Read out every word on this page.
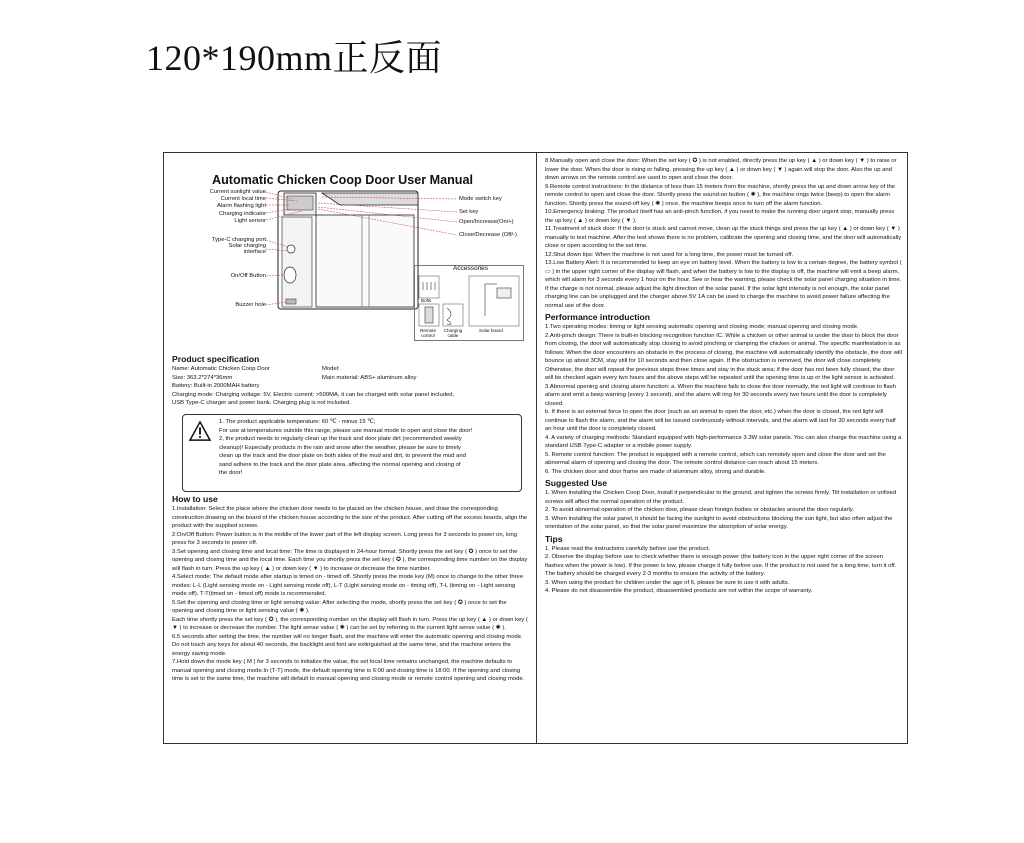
120*190mm正反面
Automatic Chicken Coop Door User Manual
Current sunlight value
Current local time
Alarm flashing light
Charging indicator
Light sensor
Type-C charging port
Solar charging
interface
On/Off Button
Buzzer hole
Mode switch key
Set key
Open/Increase(On/+)
Close/Decrease (Off/-)
Accessories
Bolts
Remote control
Charging cable
Solar board
Product specification
Name: Automatic Chicken Coop Door	Model:
Size: 363.2*274*36mm	Main material: ABS+ aluminum alloy

Battery: Built-in 2000MAH battery

Charging mode: Charging voltage: 5V, Electric current: >500MA, it can be charged with solar panel included,

USB Type-C charger and power bank. Charging plug is not included.

1. The product applicable temperature: 60 ℃ - minus 15 ℃;

For use at temperatures outside this range, please use manual mode to open and close the door!

2, the product needs to regularly clean up the track and door plate dirt (recommended weekly

cleanup)! Especially products in the rain and snow after the weather, please be sure to timely

clean up the track and the door plate on both sides of the mud and dirt, to prevent the mud and

sand adhere to the track and the door plate area, affecting the normal opening and closing of

the door!

How to use

1.Installation: Select the place where the chicken door needs to be placed on the chicken house, and draw the corresponding construction drawing on the board of the chicken house according to the size of the product. After cutting off the excess boards, align the product with the supplied screws.

2.On/Off Button: Power button is in the middle of the lower part of the left display screen. Long press for 3 seconds to power on, long press for 3 seconds to power off.

3.Set opening and closing time and local time: The time is displayed in 24-hour format. Shortly press the set key ( ✪ ) once to set the opening and closing time and the local time. Each time you shortly press the set key ( ✪ ), the corresponding time number on the display will flash in turn. Press the up key ( ▲ ) or down key ( ▼ ) to increase or decrease the time number.

4.Select mode: The default mode after startup is timed on - timed off. Shortly press the mode key (M) once to change to the other three modes: L-L (Light sensing mode on - Light sensing mode off), L-T (Light sensing mode on - timing off), T-L (timing on - Light sensing mode off). T-T(timed on - timed off) mode is recommended.

5.Set the opening and closing time or light sensing value: After selecting the mode, shortly press the set key ( ✪ ) once to set the opening and closing time or light sensing value ( ✺ ).

Each time shortly press the set key ( ✪ ), the corresponding number on the display will flash in turn. Press the up key ( ▲ ) or down key ( ▼ ) to increase or decrease the number. The light sense value ( ✺ ) can be set by referring to the current light sense value ( ✺ ).

6.5 seconds after setting the time, the number will no longer flash, and the machine will enter the automatic opening and closing mode. Do not touch any keys for about 40 seconds, the backlight and font are extinguished at the same time, and the machine enters the energy saving mode.

7.Hold down the mode key ( M ) for 3 seconds to initialize the value, the set local time remains unchanged, the machine defaults to manual opening and closing mode.In (T-T) mode, the default opening time is 6:00 and dosing time is 18:00. If the opening and closing time is set to the same time, the machine will default to manual opening and closing mode or remote control opening and closing mode.

8.Manually open and close the door: When the set key ( ✪ ) is not enabled, directly press the up key ( ▲ ) or down key ( ▼ ) to raise or lower the door. When the door is rising or falling, pressing the up key ( ▲ ) or down key ( ▼ ) again will stop the door. Also the up and down arrows on the remote control are used to open and close the door.

9.Remote control instructions: In the distance of less than 15 meters from the machine, shortly press the up and down arrow key of the remote control to open and close the door. Shortly press the sound-on button ( ✺ ), the machine rings twice (beep) to open the alarm function. Shortly press the sound-off key ( ✺ ) once, the machine beeps once to turn off the alarm function.

10.Emergency braking: The product itself has an anti-pinch function, if you need to make the running door urgent stop, manually press the up key ( ▲ ) or down key ( ▼ ).

11.Treatment of stuck door: If the door is stuck and cannot move, clean up the stuck things and press the up key ( ▲ ) or down key ( ▼ ) manually to test machine. After the test shows there is no problem, calibrate the opening and closing time, and the door will automatically close or open according to the set time.

12.Shut down tips: When the machine is not used for a long time, the power must be turned off.

13.Low Battery Alert: It is recommended to keep an eye on battery level. When the battery is low to a certain degree, the battery symbol ( ▭ ) in the upper right corner of the display will flash, and when the battery is low to the display is off, the machine will emit a beep alarm, which will alarm for 3 seconds every 1 hour on the hour. See or hear the warning, please check the solar panel charging situation in time. If the charge is not normal, please adjust the light direction of the solar panel. If the solar light intensity is not enough, the solar panel charging line can be unplugged and the charger above 5V 1A can be used to charge the machine to avoid power failure affecting the normal use of the door.

Performance introduction

1.Two operating modes: timing or light sensing automatic opening and closing mode; manual opening and closing mode.

2.Anti-pinch design: There is built-in blocking recognition function IC. While a chicken or other animal is under the door to block the door from closing, the door will automatically stop closing to avoid pinching or clamping the chicken or animal. The specific manifestation is as follows: When the door encounters an obstacle in the process of closing, the machine will automatically identify the obstacle, the door will bounce up about 3CM, stay still for 10 seconds and then close again. If the obstruction is removed, the door will close completely. Otherwise, the door will repeat the previous steps three times and stay in the stuck area; if the door has not been fully closed, the door will be checked again every two hours and the above steps will be repeated until the opening time is up or the light sensor is activated.

3.Abnormal opening and closing alarm function: a. When the machine fails to close the door normally, the red light will continue to flash alarm and emit a beep warning (every 1 second), and the alarm will ring for 30 seconds every two hours until the door is completely closed.

b. If there is an external force to open the door (such as an animal to open the door, etc.) when the door is closed, the red light will continue to flash the alarm, and the alarm will be issued continuously without intervals, and the alarm will last for 30 seconds every half an hour until the door is completely closed.

4. A variety of charging methods: Standard equipped with high-performance 3.3W solar panels. You can also charge the machine using a standard USB Type-C adapter or a mobile power supply.

5. Remote control function: The product is equipped with a remote control, which can remotely open and close the door and set the abnormal alarm of opening and closing the door. The remote control distance can reach about 15 meters.

6. The chicken door and door frame are made of aluminum alloy, strong and durable.

Suggested Use

1. When installing the Chicken Coop Door, Install it perpendicular to the ground, and tighten the screws firmly. Tilt installation or unfixed screws will affect the normal operation of the product.

2. To avoid abnormal operation of the chicken door, please clean foreign bodies or obstacles around the door regularly.

3. When installing the solar panel, it should be facing the sunlight to avoid obstructions blocking the sun light, but also often adjust the orientation of the solar panel, so that the solar panel maximize the absorption of solar energy.

Tips

1. Please read the instructions carefully before use the product.

2. Observe the display before use to check whether there is enough power (the battery icon in the upper right corner of the screen flashes when the power is low). If the power is low, please charge it fully before use. If the product is not used for a long time, turn it off. The battery should be charged every 2-3 months to ensure the activity of the battery.

3. When using the product for children under the age of 6, please be sure to use it with adults.

4. Please do not disassemble the product, disassembled products are not within the scope of warranty.
